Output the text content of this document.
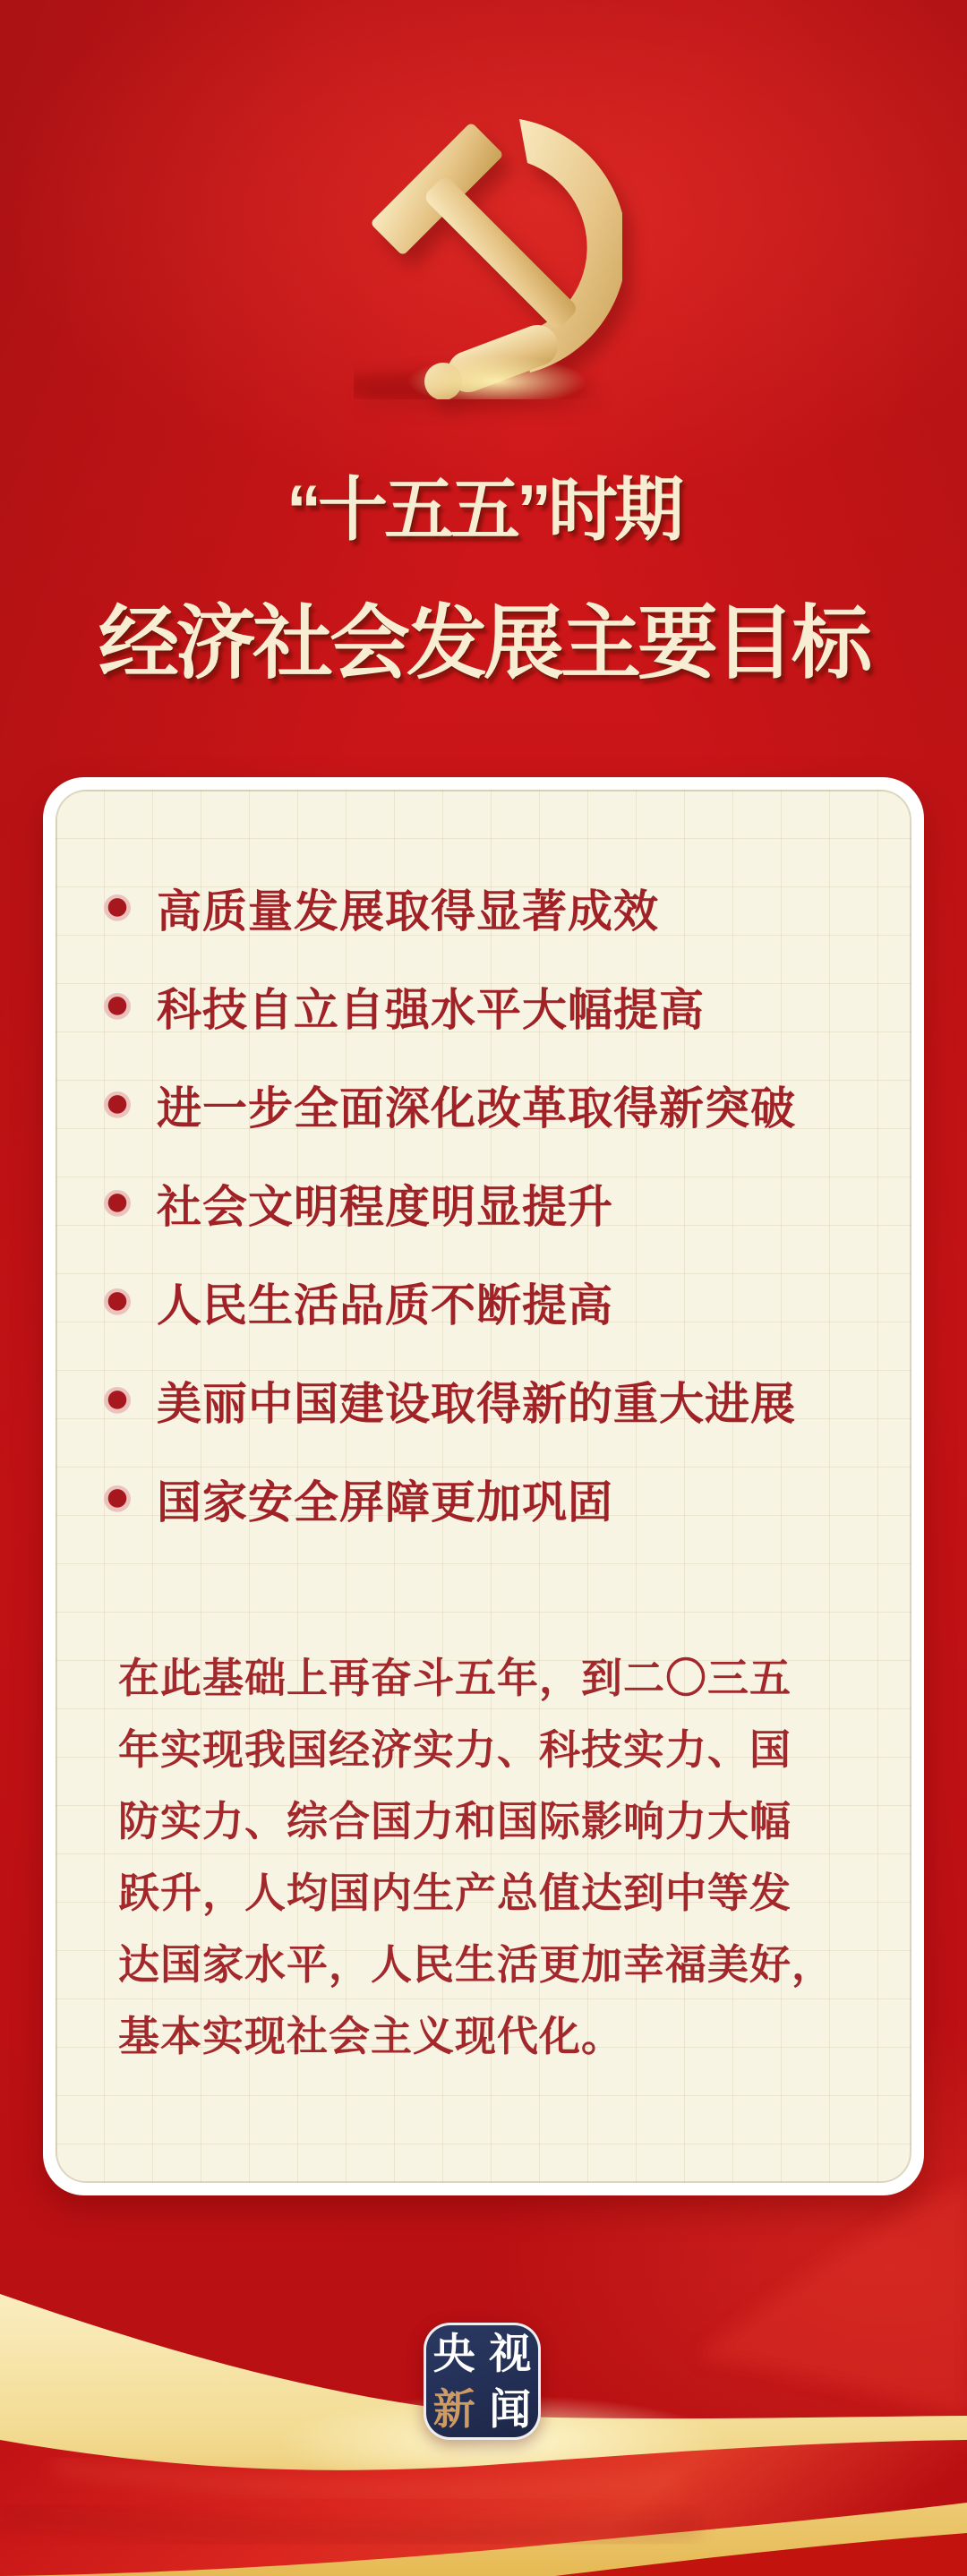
“十五五”时期
经济社会发展主要目标
高质量发展取得显著成效
科技自立自强水平大幅提高
进一步全面深化改革取得新突破
社会文明程度明显提升
人民生活品质不断提高
美丽中国建设取得新的重大进展
国家安全屏障更加巩固
在此基础上再奋斗五年，到二〇三五
年实现我国经济实力、科技实力、国
防实力、综合国力和国际影响力大幅
跃升，人均国内生产总值达到中等发
达国家水平，人民生活更加幸福美好，
基本实现社会主义现代化。
央 视
新 闻
